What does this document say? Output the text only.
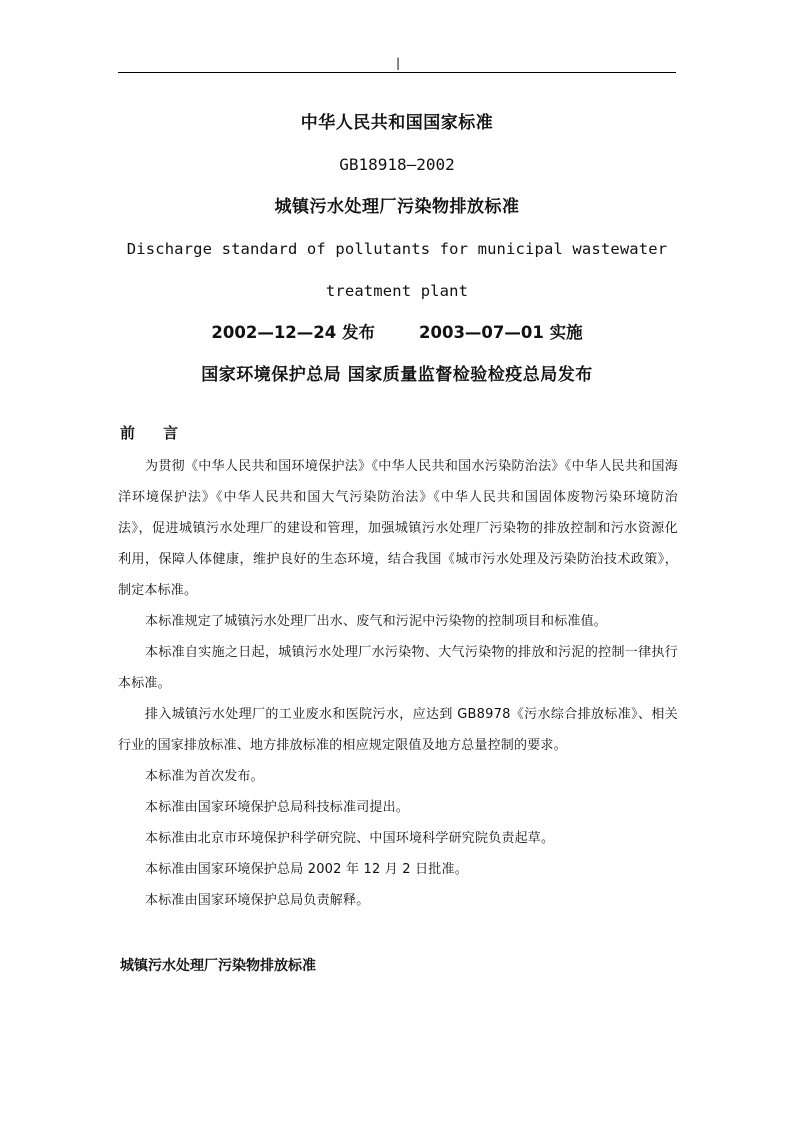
|

中华人民共和国国家标准

GB18918—2002

城镇污水处理厂污染物排放标准

Discharge standard of pollutants for municipal wastewater

treatment plant

2002—12—24 发布	2003—07—01 实施

国家环境保护总局 国家质量监督检验检疫总局发布

前言

为贯彻《中华人民共和国环境保护法》《中华人民共和国水污染防治法》《中华人民共和国海洋环境保护法》《中华人民共和国大气污染防治法》《中华人民共和国固体废物污染环境防治法》，促进城镇污水处理厂的建设和管理，加强城镇污水处理厂污染物的排放控制和污水资源化利用，保障人体健康，维护良好的生态环境，结合我国《城市污水处理及污染防治技术政策》，制定本标准。

本标准规定了城镇污水处理厂出水、废气和污泥中污染物的控制项目和标准值。

本标准自实施之日起，城镇污水处理厂水污染物、大气污染物的排放和污泥的控制一律执行本标准。

排入城镇污水处理厂的工业废水和医院污水，应达到 GB8978《污水综合排放标准》、相关行业的国家排放标准、地方排放标准的相应规定限值及地方总量控制的要求。

本标准为首次发布。

本标准由国家环境保护总局科技标准司提出。

本标准由北京市环境保护科学研究院、中国环境科学研究院负责起草。

本标准由国家环境保护总局 2002 年 12 月 2 日批准。

本标准由国家环境保护总局负责解释。

城镇污水处理厂污染物排放标准
